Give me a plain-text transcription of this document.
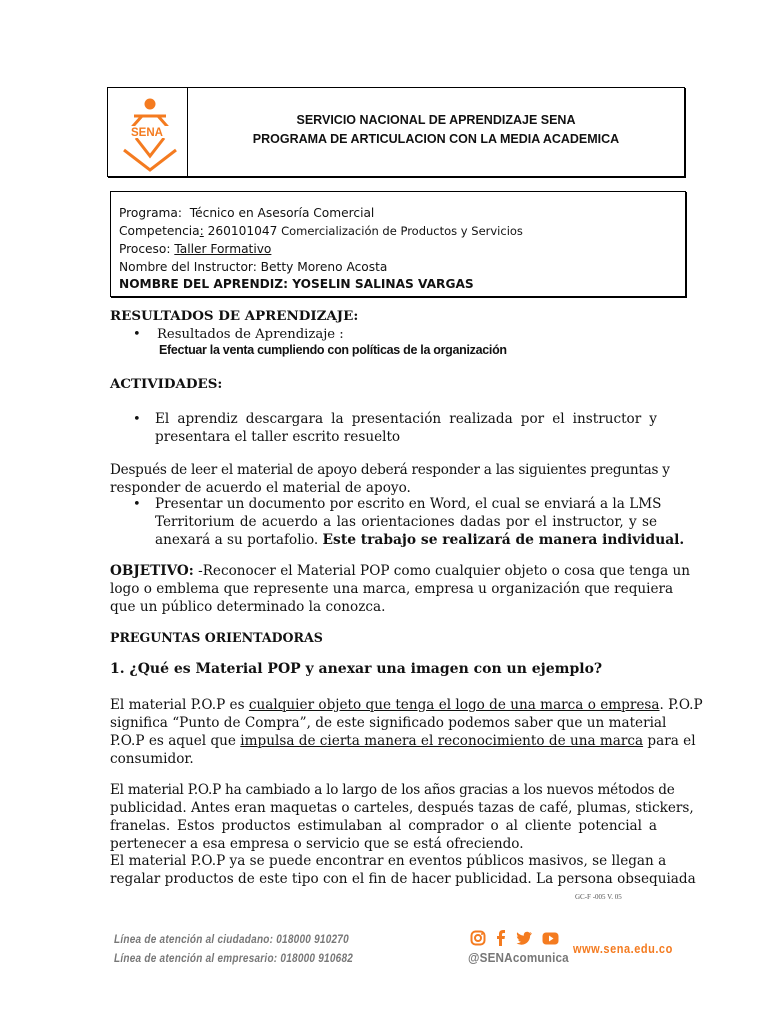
SENA
SERVICIO NACIONAL DE APRENDIZAJE SENA
PROGRAMA DE ARTICULACION CON LA MEDIA ACADEMICA
Programa: Técnico en Asesoría Comercial
Competencia: 260101047 Comercialización de Productos y Servicios
Proceso: Taller Formativo
Nombre del Instructor: Betty Moreno Acosta
NOMBRE DEL APRENDIZ: YOSELIN SALINAS VARGAS
RESULTADOS DE APRENDIZAJE:
• Resultados de Aprendizaje :
Efectuar la venta cumpliendo con políticas de la organización
ACTIVIDADES:
• El aprendiz descargara la presentación realizada por el instructor y
presentara el taller escrito resuelto
Después de leer el material de apoyo deberá responder a las siguientes preguntas y
responder de acuerdo el material de apoyo.
• Presentar un documento por escrito en Word, el cual se enviará a la LMS
Territorium de acuerdo a las orientaciones dadas por el instructor, y se
anexará a su portafolio. Este trabajo se realizará de manera individual.
OBJETIVO: -Reconocer el Material POP como cualquier objeto o cosa que tenga un
logo o emblema que represente una marca, empresa u organización que requiera
que un público determinado la conozca.
PREGUNTAS ORIENTADORAS
1. ¿Qué es Material POP y anexar una imagen con un ejemplo?
El material P.O.P es cualquier objeto que tenga el logo de una marca o empresa. P.O.P
significa “Punto de Compra”, de este significado podemos saber que un material
P.O.P es aquel que impulsa de cierta manera el reconocimiento de una marca para el
consumidor.
El material P.O.P ha cambiado a lo largo de los años gracias a los nuevos métodos de
publicidad. Antes eran maquetas o carteles, después tazas de café, plumas, stickers,
franelas. Estos productos estimulaban al comprador o al cliente potencial a
pertenecer a esa empresa o servicio que se está ofreciendo.
El material P.O.P ya se puede encontrar en eventos públicos masivos, se llegan a
regalar productos de este tipo con el fin de hacer publicidad. La persona obsequiada
GC-F -005 V. 05
Línea de atención al ciudadano: 018000 910270
Línea de atención al empresario: 018000 910682	@SENAcomunica
www.sena.edu.co
